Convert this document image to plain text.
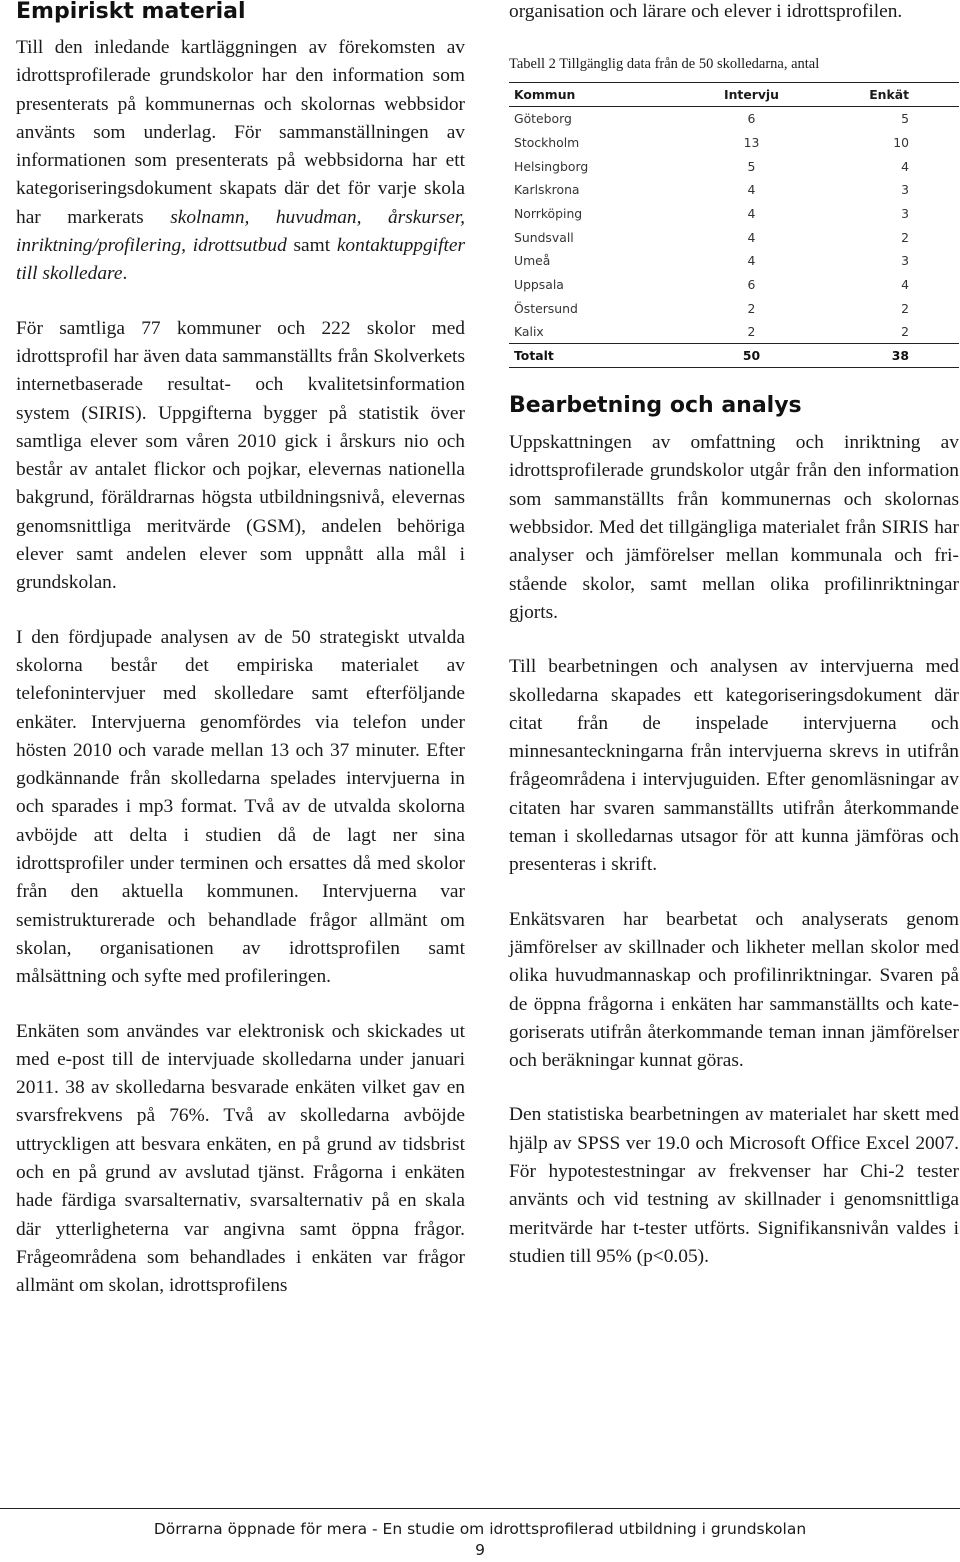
Empiriskt material

Till den inledande kartläggningen av förekomsten av idrottsprofilerade grundskolor har den information som presenterats på kommunernas och skolornas webbsidor använts som underlag. För sammanställningen av informationen som presenterats på webbsidorna har ett kategoriseringsdokument skapats där det för varje skola har markerats skolnamn, huvudman, årskurser, inriktning/profilering, idrottsutbud samt kontaktuppgifter till skolledare.

För samtliga 77 kommuner och 222 skolor med idrottsprofil har även data sammanställts från Skolverkets internetbaserade resultat- och kvalitetsinformation system (SIRIS). Uppgifterna bygger på statistik över samtliga elever som våren 2010 gick i årskurs nio och består av antalet flickor och pojkar, elevernas nationella bakgrund, föräldrarnas högsta utbildningsnivå, elevernas genomsnittliga meritvärde (GSM), andelen behöriga elever samt andelen elever som uppnått alla mål i grundskolan.

I den fördjupade analysen av de 50 strategiskt utvalda skolorna består det empiriska materialet av telefonintervjuer med skolledare samt efterföljande enkäter. Intervjuerna genomfördes via telefon under hösten 2010 och varade mellan 13 och 37 minuter. Efter godkännande från skolledarna spelades intervjuerna in och sparades i mp3 format. Två av de utvalda skolorna avböjde att delta i studien då de lagt ner sina idrottsprofiler under terminen och ersattes då med skolor från den aktuella kommunen. Intervjuerna var semistrukturerade och behandlade frågor allmänt om skolan, organisationen av idrottsprofilen samt målsättning och syfte med profileringen.

Enkäten som användes var elektronisk och skickades ut med e-post till de intervjuade skolledarna under januari 2011. 38 av skolledarna besvarade enkäten vilket gav en svarsfrekvens på 76%. Två av skolledarna avböjde uttryckligen att besvara enkäten, en på grund av tidsbrist och en på grund av avslutad tjänst. Frågorna i enkäten hade färdiga svarsalternativ, svarsalternativ på en skala där ytterligheterna var angivna samt öppna frågor. Frågeområdena som behandlades i enkäten var frågor allmänt om skolan, idrottsprofilens

organisation och lärare och elever i idrottsprofilen.

Tabell 2 Tillgänglig data från de 50 skolledarna, antal
Kommun	Intervju	Enkät
Göteborg	6	5
Stockholm	13	10
Helsingborg	5	4
Karlskrona	4	3
Norrköping	4	3
Sundsvall	4	2
Umeå	4	3
Uppsala	6	4
Östersund	2	2
Kalix	2	2
Totalt	50	38
Bearbetning och analys

Uppskattningen av omfattning och inriktning av idrottsprofilerade grundskolor utgår från den information som sammanställts från kommunernas och skolornas webbsidor. Med det tillgängliga materialet från SIRIS har analyser och jämförelser mellan kommunala och fristående skolor, samt mellan olika profilinriktningar gjorts.

Till bearbetningen och analysen av intervjuerna med skolledarna skapades ett kategoriseringsdokument där citat från de inspelade intervjuerna och minnesanteckningarna från intervjuerna skrevs in utifrån frågeområdena i intervjuguiden. Efter genomläsningar av citaten har svaren sammanställts utifrån återkommande teman i skolledarnas utsagor för att kunna jämföras och presenteras i skrift.

Enkätsvaren har bearbetat och analyserats genom jämförelser av skillnader och likheter mellan skolor med olika huvudmannaskap och profilinriktningar. Svaren på de öppna frågorna i enkäten har sammanställts och kategoriserats utifrån återkommande teman innan jämförelser och beräkningar kunnat göras.

Den statistiska bearbetningen av materialet har skett med hjälp av SPSS ver 19.0 och Microsoft Office Excel 2007. För hypotestestningar av frekvenser har Chi-2 tester använts och vid testning av skillnader i genomsnittliga meritvärde har t-tester utförts. Signifikansnivån valdes i studien till 95% (p<0.05).

Dörrarna öppnade för mera - En studie om idrottsprofilerad utbildning i grundskolan
9
